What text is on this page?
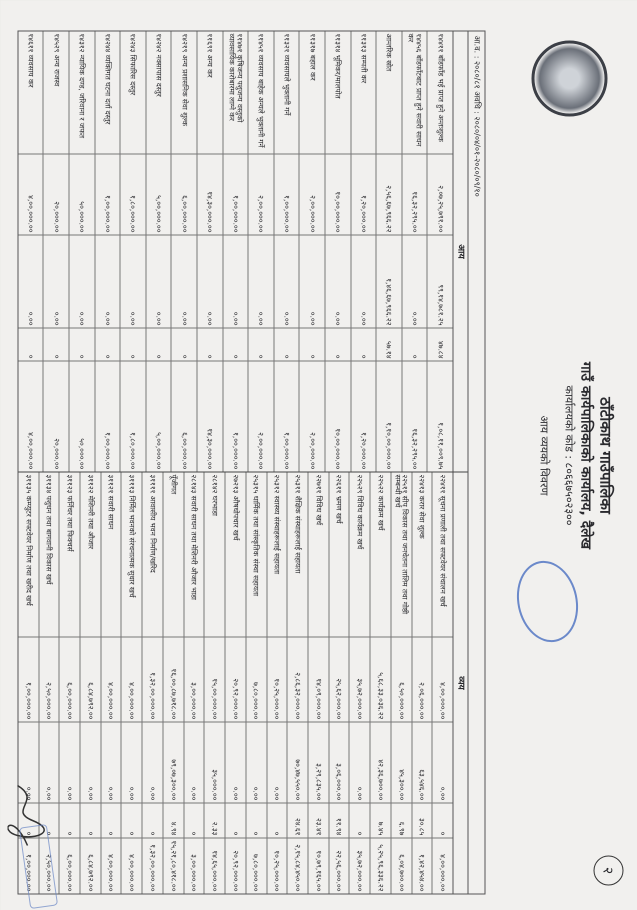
ठाँटीकाथ गाउँपालिका
गाउँ कार्यपालिकाको कार्यालय, दैलेख
कार्यालयको कोड : ८०६६७५०२३००
आय व्ययको विवरण
२
आ.व. : २०८०/८१ अवधि : २०८०/०४/०१-२०८०/०९/१०
आय
१४४११ बाँडफाँड भई प्राप्त हुने अन्तःशुल्क
२,०७,२५,७९१.००
९९,१४,७८१.२५
४७.८४
१,०८,११,००९.७५
१४४५६ बाँडफाँटबाट प्राप्त हुने सवारी साधन कर
१६,३२,२९५.००
०.००
०
१६,३२,२९५.००
आन्तरिक स्रोत
२,५६,६७,९६६.२२
१,४६,६७,९६६.२२
५७.१४
१,१०,००,०००.००
११३१३ सम्पती कर
१,२०,०००.००
०.००
०
१,२०,०००.००
११३१४ भूमिकर/मालपोत
१०,००,०००.००
०.००
०
१०,००,०००.००
११३१७ बहाल कर
२,००,०००.००
०.००
०
२,००,०००.००
११३२१ व्यवसायले भुक्तानी गर्ने
१,००,०००.००
०.००
०
१,००,०००.००
११४५१ व्यवसाय बाहेक अन्यले भुक्तानी गर्ने
२,००,०००.००
०.००
०
२,००,०००.००
११४७१ कृषिजन्य पशुजन्य वस्तुको व्यावसायिक कारोबारमा लाग्ने कर
१,००,०००.००
०.००
०
१,००,०००.००
११६९१ अन्य कर
१४,३०,०००.००
०.००
०
१४,३०,०००.००
१४२१९ अन्य प्रशासनिक सेवा शुल्क
६,००,०००.००
०.००
०
६,००,०००.००
१४२४२ नक्सापास दस्तुर
५,००,०००.००
०.००
०
५,००,०००.००
१४२४३ सिफारिस दस्तुर
१,८०,०००.००
०.००
०
१,८०,०००.००
१४२४४ व्यक्तिगत घटना दर्ता दस्तुर
१,००,०००.००
०.००
०
१,००,०००.००
१४३१२ न्यायिक दण्ड, जरिवाना र जफत
५०,०००.००
०.००
०
५०,०००.००
१४५२९ अन्य राजस्व
२०,०००.००
०.००
०
२०,०००.००
१४६११ व्यवसाय कर
४,००,०००.००
०.००
०
४,००,०००.००
व्यय
२२४११ सूचना प्रणाली तथा सफ्टवेयर संचालन खर्च
४,००,०००.००
०.००
०
४,००,०००.००
२२४१३ करार सेवा शुल्क
२,०६,०००.००
६३,५४६.००
३०.८५
१,४२,४५४.००
२२५११ सीप विकास तथा जनचेतना तालिम तथा गोष्ठी सम्बन्धी खर्च
६,५०,०००.००
४५,३००.००
६.९७
६,०४,७००.००
२२५२२ कार्यक्रम खर्च
५,६८,३३,०३६.२२
४२,३६,७००.००
७.४५
५,२५,९६,३३६.२२
२२५२९ विविध कार्यक्रम खर्च
३५,७२,०००.००
०.००
०
३५,७२,०००.००
२२६११ भ्रमण खर्च
२५,६२,०००.००
३,०६,०००.००
११.९४
२२,५६,०००.००
२२७११ विविध खर्च
१४,०९,०००.००
३,२९,८३५.००
२३.४१
१०,७९,१६५.००
२५३११ शैक्षिक संस्थाहरूलाई सहायता
२,८६,३२,०००.००
७०,४७,५५०.००
२४.६१
२,१५,८४,४५०.००
२५३१२ स्वास्थ्य संस्थाहरूलाई सहायता
१०,२५,०००.००
०.००
०
१०,२५,०००.००
२५३१५ धार्मिक तथा सांस्कृतिक संस्था सहायता
७,८०,०००.००
०.००
०
७,८०,०००.००
२७२१३ औषधोपचार खर्च
२०,९२,०००.००
०.००
०
२०,९२,०००.००
२८१४२ घरभाडा
१५,००,०००.००
३५,०००.००
२.३३
१४,६५,०००.००
२८१४३ सवारी साधन तथा मेशिनरी औजार भाडा
३,००,०००.००
०.००
०
३,००,०००.००
पूँजीगत
१६,००,८७,७१८.००
७९,०७,३००.००
४.९४
१५,२१,८०,४१८.००
३११११ आवासीय भवन निर्माण/खरिद
१,३२,००,०००.००
०.००
०
१,३२,००,०००.००
३१११३ निर्मित भवनको संरचनात्मक सुधार खर्च
४,००,०००.००
०.००
०
४,००,०००.००
३११२१ सवारी साधन
४,००,०००.००
०.००
०
४,००,०००.००
३११२२ मेशिनरी तथा औजार
६,८४,७९२.००
०.००
०
६,८४,७९२.००
३११२३ फर्निचर तथा फिक्चर्स
६,००,०००.००
०.००
०
६,००,०००.००
३११३४ पशुधन तथा बागवानी विकास खर्च
२,५०,०००.००
०.००
०
२,५०,०००.००
३११३५ कम्प्युटर सफ्टवेयर निर्माण तथा खरीद खर्च
१,००,०००.००
०.००
०
१,००,०००.००
